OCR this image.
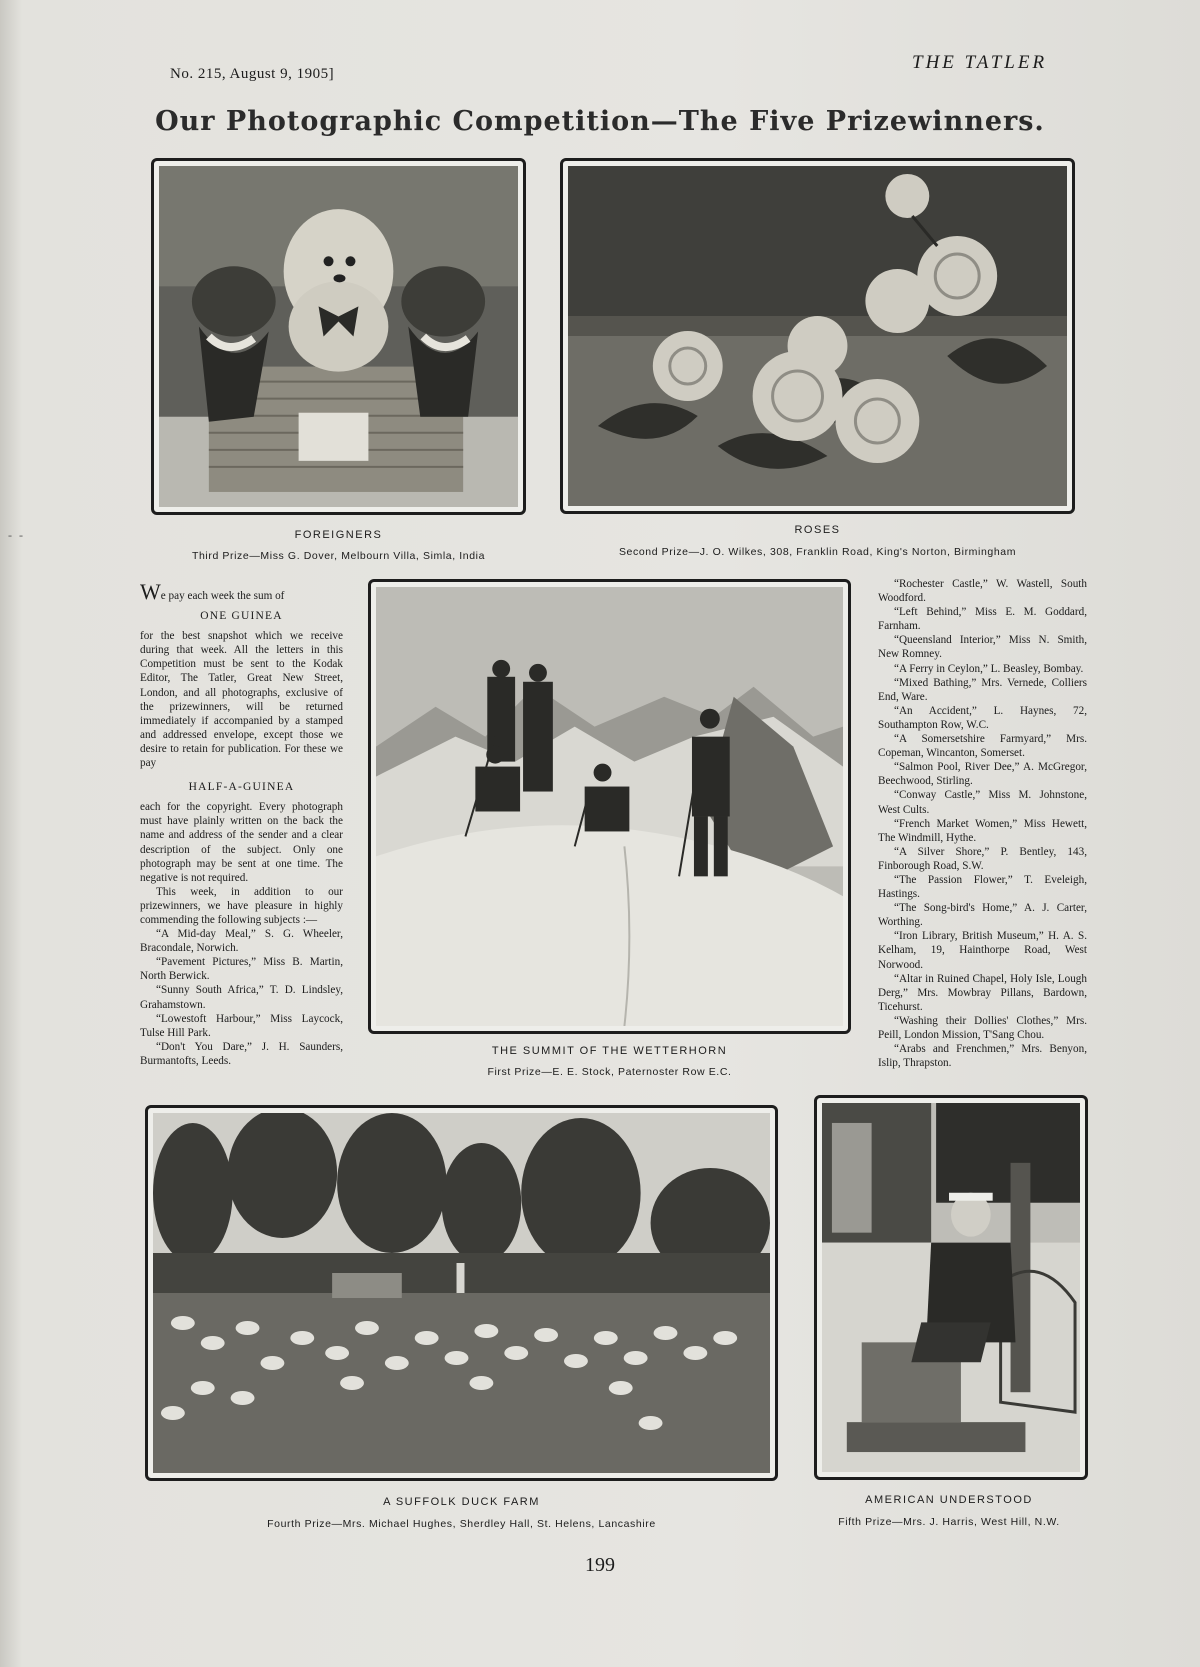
- -
No. 215, August 9, 1905]
THE TATLER
Our Photographic Competition—The Five Prizewinners.
FOREIGNERS
Third Prize—Miss G. Dover, Melbourn Villa, Simla, India
ROSES
Second Prize—J. O. Wilkes, 308, Franklin Road, King's Norton, Birmingham

We pay each week the sum of

ONE GUINEA

for the best snapshot which we receive during that week. All the letters in this Competition must be sent to the Kodak Editor, The Tatler, Great New Street, London, and all photographs, exclusive of the prizewinners, will be returned immediately if accompanied by a stamped and addressed envelope, except those we desire to retain for publication. For these we pay

HALF-A-GUINEA

each for the copyright. Every photograph must have plainly written on the back the name and address of the sender and a clear description of the subject. Only one photograph may be sent at one time. The negative is not required.

This week, in addition to our prizewinners, we have pleasure in highly commending the following subjects :—

“A Mid-day Meal,” S. G. Wheeler, Bracondale, Norwich.

“Pavement Pictures,” Miss B. Martin, North Berwick.

“Sunny South Africa,” T. D. Lindsley, Grahamstown.

“Lowestoft Harbour,” Miss Laycock, Tulse Hill Park.

“Don't You Dare,” J. H. Saunders, Burmantofts, Leeds.

THE SUMMIT OF THE WETTERHORN
First Prize—E. E. Stock, Paternoster Row E.C.

“Rochester Castle,” W. Wastell, South Woodford.

“Left Behind,” Miss E. M. Goddard, Farnham.

“Queensland Interior,” Miss N. Smith, New Romney.

“A Ferry in Ceylon,” L. Beasley, Bombay.

“Mixed Bathing,” Mrs. Vernede, Colliers End, Ware.

“An Accident,” L. Haynes, 72, Southampton Row, W.C.

“A Somersetshire Farmyard,” Mrs. Copeman, Wincanton, Somerset.

“Salmon Pool, River Dee,” A. McGregor, Beechwood, Stirling.

“Conway Castle,” Miss M. Johnstone, West Cults.

“French Market Women,” Miss Hewett, The Windmill, Hythe.

“A Silver Shore,” P. Bentley, 143, Finborough Road, S.W.

“The Passion Flower,” T. Eveleigh, Hastings.

“The Song-bird's Home,” A. J. Carter, Worthing.

“Iron Library, British Museum,” H. A. S. Kelham, 19, Hainthorpe Road, West Norwood.

“Altar in Ruined Chapel, Holy Isle, Lough Derg,” Mrs. Mowbray Pillans, Bardown, Ticehurst.

“Washing their Dollies' Clothes,” Mrs. Peill, London Mission, T'Sang Chou.

“Arabs and Frenchmen,” Mrs. Benyon, Islip, Thrapston.

A SUFFOLK DUCK FARM
Fourth Prize—Mrs. Michael Hughes, Sherdley Hall, St. Helens, Lancashire
AMERICAN UNDERSTOOD
Fifth Prize—Mrs. J. Harris, West Hill, N.W.
199
